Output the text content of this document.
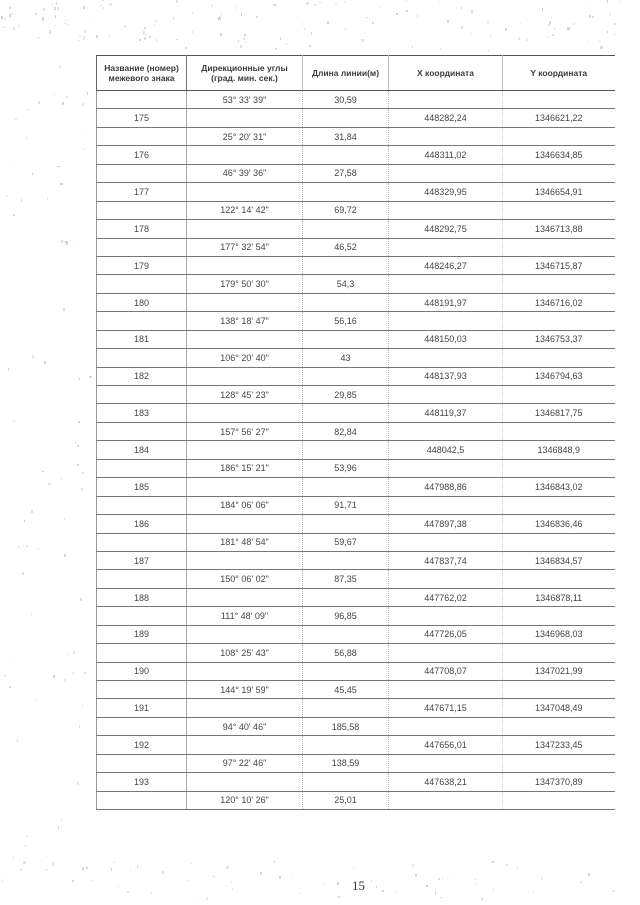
Название (номер) межевого знака	Дирекционные углы (град. мин. сек.)	Длина линии(м)	X координата	Y координата
	53° 33' 39"	30,59		
175			448282,24	1346621,22
	25° 20' 31"	31,84		
176			448311,02	1346634,85
	46° 39' 36"	27,58		
177			448329,95	1346654,91
	122° 14' 42"	69,72		
178			448292,75	1346713,88
	177° 32' 54"	46,52		
179			448246,27	1346715,87
	179° 50' 30"	54,3		
180			448191,97	1346716,02
	138° 18' 47"	56,16		
181			448150,03	1346753,37
	106° 20' 40"	43		
182			448137,93	1346794,63
	128° 45' 23"	29,85		
183			448119,37	1346817,75
	157° 56' 27"	82,84		
184			448042,5	1346848,9
	186° 15' 21"	53,96		
185			447988,86	1346843,02
	184° 06' 06"	91,71		
186			447897,38	1346836,46
	181° 48' 54"	59,67		
187			447837,74	1346834,57
	150° 06' 02"	87,35		
188			447762,02	1346878,11
	111° 48' 09"	96,85		
189			447726,05	1346968,03
	108° 25' 43"	56,88		
190			447708,07	1347021,99
	144° 19' 59"	45,45		
191			447671,15	1347048,49
	94° 40' 46"	185,58		
192			447656,01	1347233,45
	97° 22' 46"	138,59		
193			447638,21	1347370,89
	120° 10' 26"	25,01		
15
